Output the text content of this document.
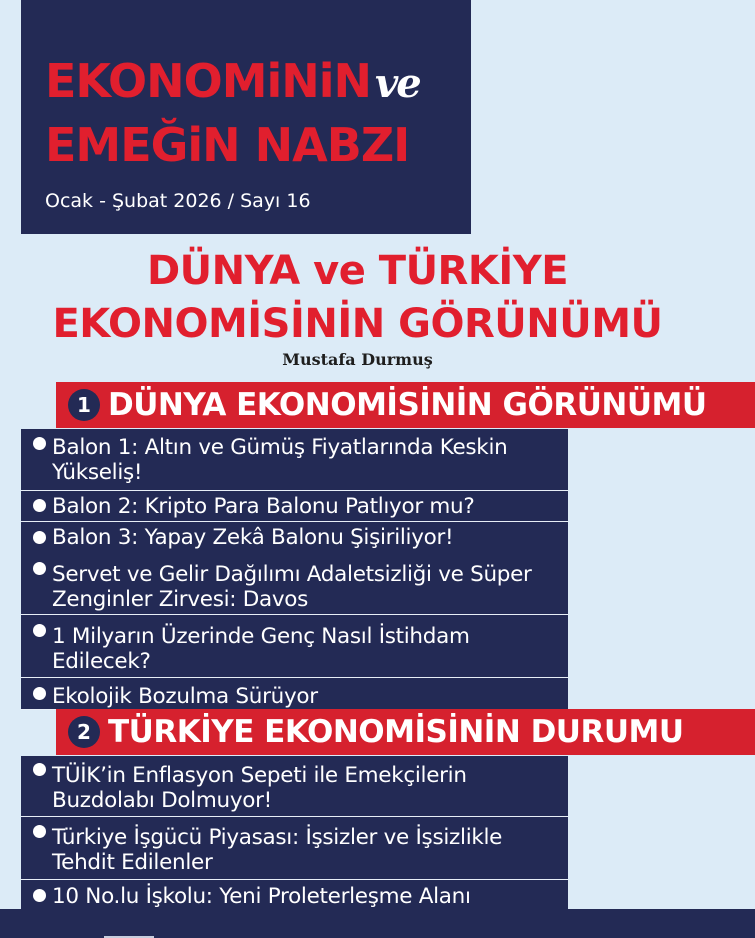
EKONOMiNiN ve
EMEĞiN NABZI
Ocak - Şubat 2026 / Sayı 16
DÜNYA ve TÜRKİYE
EKONOMİSİNİN GÖRÜNÜMÜ
Mustafa Durmuş
1 DÜNYA EKONOMİSİNİN GÖRÜNÜMÜ
Balon 1: Altın ve Gümüş Fiyatlarında Keskin Yükseliş!
Balon 2: Kripto Para Balonu Patlıyor mu?
Balon 3: Yapay Zekâ Balonu Şişiriliyor!
Servet ve Gelir Dağılımı Adaletsizliği ve Süper Zenginler Zirvesi: Davos
1 Milyarın Üzerinde Genç Nasıl İstihdam Edilecek?
Ekolojik Bozulma Sürüyor
2 TÜRKİYE EKONOMİSİNİN DURUMU
TÜİK’in Enflasyon Sepeti ile Emekçilerin Buzdolabı Dolmuyor!
Türkiye İşgücü Piyasası: İşsizler ve İşsizlikle Tehdit Edilenler
10 No.lu İşkolu: Yeni Proleterleşme Alanı
